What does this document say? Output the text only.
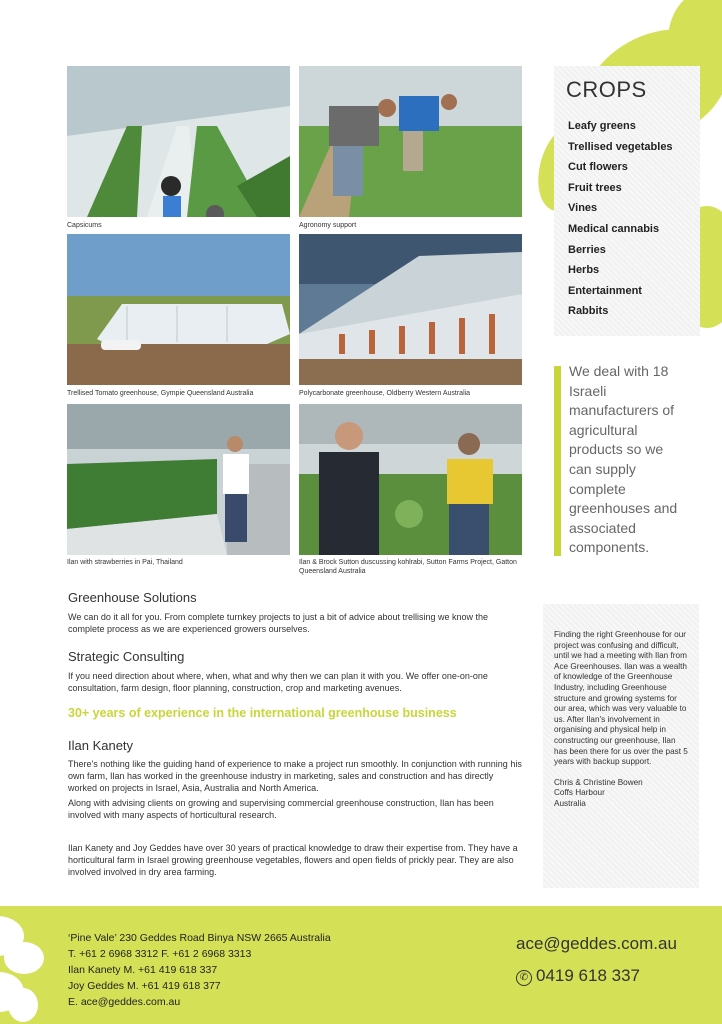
Capsicums	Agronomy support
Trellised Tomato greenhouse, Gympie Queensland Australia	Polycarbonate greenhouse, Oldberry Western Australia
Ilan with strawberries in Pai, Thailand	Ilan & Brock Sutton duscussing kohlrabi, Sutton Farms Project, Gatton Queensland Australia
CROPS
Leafy greens
Trellised vegetables
Cut flowers
Fruit trees
Vines
Medical cannabis
Berries
Herbs
Entertainment
Rabbits
We deal with 18 Israeli manufacturers of agricultural products so we can supply complete greenhouses and associated components.
Greenhouse Solutions
We can do it all for you. From complete turnkey projects to just a bit of advice about trellising we know the complete process as we are experienced growers ourselves.
Strategic Consulting
If you need direction about where, when, what and why then we can plan it with you. We offer one-on-one consultation, farm design, floor planning, construction, crop and marketing avenues.
30+ years of experience in the international greenhouse business
Ilan Kanety
There's nothing like the guiding hand of experience to make a project run smoothly. In conjunction with running his own farm, Ilan has worked in the greenhouse industry in marketing, sales and construction and has directly worked on projects in Israel, Asia, Australia and North America.
Along with advising clients on growing and supervising commercial greenhouse construction, Ilan has been involved with many aspects of horticultural research.
Ilan Kanety and Joy Geddes have over 30 years of practical knowledge to draw their expertise from. They have a horticultural farm in Israel growing greenhouse vegetables, flowers and open fields of prickly pear. They are also involved involved in dry area farming.

Finding the right Greenhouse for our project was confusing and difficult, until we had a meeting with Ilan from Ace Greenhouses. Ilan was a wealth of knowledge of the Greenhouse Industry, including Greenhouse structure and growing systems for our area, which was very valuable to us. After Ilan's involvement in organising and physical help in constructing our greenhouse, Ilan has been there for us over the past 5 years with backup support.

Chris & Christine Bowen
Coffs Harbour
Australia
‘Pine Vale’ 230 Geddes Road Binya NSW 2665 Australia
T. +61 2 6968 3312 F. +61 2 6968 3313
Ilan Kanety M. +61 419 618 337
Joy Geddes M. +61 419 618 377
E. ace@geddes.com.au
ace@geddes.com.au
✆ 0419 618 337
